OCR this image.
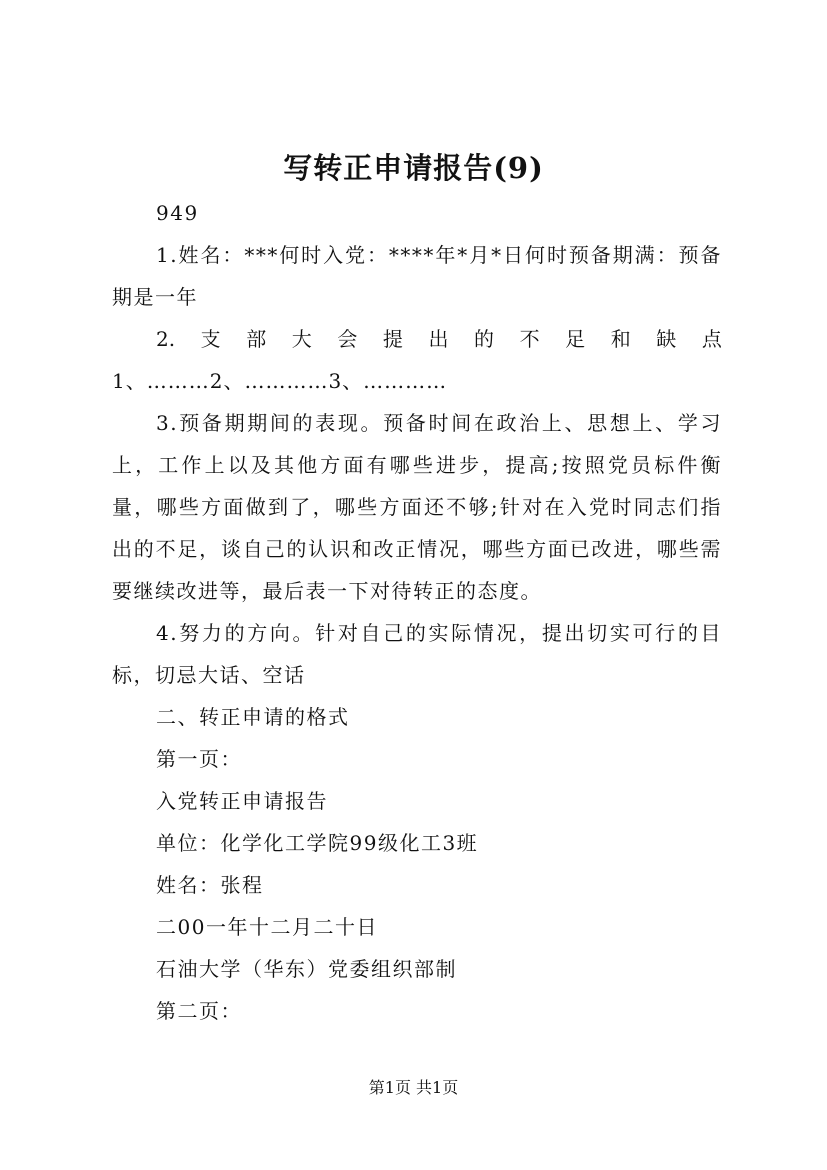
写转正申请报告(9)
949
1.姓名：***何时入党：****年*月*日何时预备期满：预备期是一年
2. 支 部 大 会 提 出 的 不 足 和 缺 点
1、………2、…………3、…………
3.预备期期间的表现。预备时间在政治上、思想上、学习上，工作上以及其他方面有哪些进步，提高;按照党员标件衡量，哪些方面做到了，哪些方面还不够;针对在入党时同志们指出的不足，谈自己的认识和改正情况，哪些方面已改进，哪些需要继续改进等，最后表一下对待转正的态度。
4.努力的方向。针对自己的实际情况，提出切实可行的目标，切忌大话、空话
二、转正申请的格式
第一页：
入党转正申请报告
单位：化学化工学院99级化工3班
姓名：张程
二00一年十二月二十日
石油大学（华东）党委组织部制
第二页：
第1页 共1页
